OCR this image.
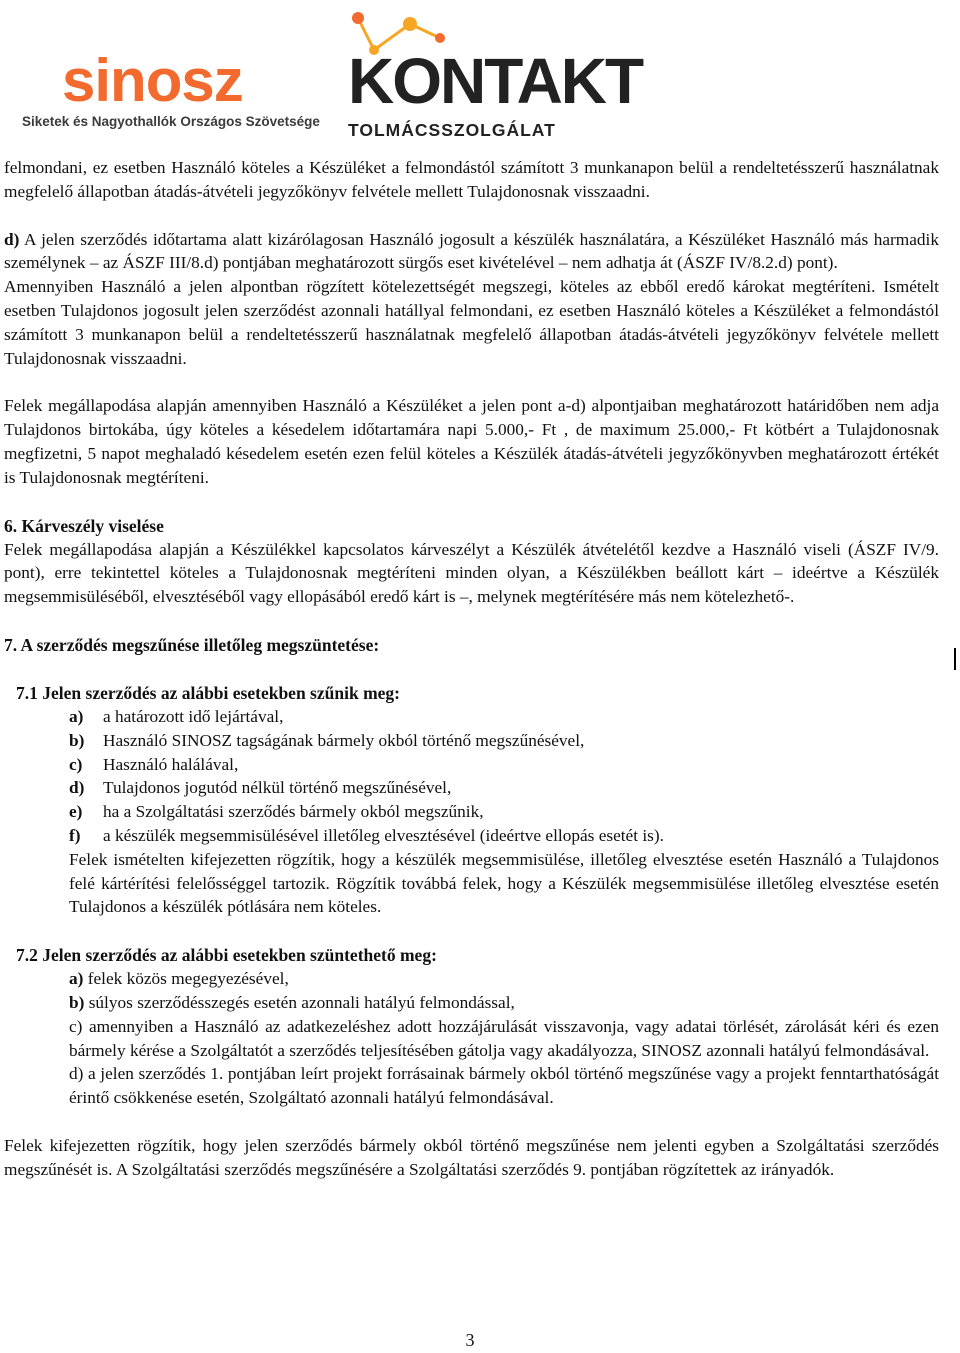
sinosz
Siketek és Nagyothallók Országos Szövetsége
KONTAKT
TOLMÁCSSZOLGÁLAT

felmondani, ez esetben Használó köteles a Készüléket a felmondástól számított 3 munkanapon belül a rendeltetésszerű használatnak megfelelő állapotban átadás-átvételi jegyzőkönyv felvétele mellett Tulajdonosnak visszaadni.

d) A jelen szerződés időtartama alatt kizárólagosan Használó jogosult a készülék használatára, a Készüléket Használó más harmadik személynek – az ÁSZF III/8.d) pontjában meghatározott sürgős eset kivételével – nem adhatja át (ÁSZF IV/8.2.d) pont).

Amennyiben Használó a jelen alpontban rögzített kötelezettségét megszegi, köteles az ebből eredő károkat megtéríteni. Ismételt esetben Tulajdonos jogosult jelen szerződést azonnali hatállyal felmondani, ez esetben Használó köteles a Készüléket a felmondástól számított 3 munkanapon belül a rendeltetésszerű használatnak megfelelő állapotban átadás-átvételi jegyzőkönyv felvétele mellett Tulajdonosnak visszaadni.

Felek megállapodása alapján amennyiben Használó a Készüléket a jelen pont a-d) alpontjaiban meghatározott határidőben nem adja Tulajdonos birtokába, úgy köteles a késedelem időtartamára napi 5.000,- Ft , de maximum 25.000,- Ft kötbért a Tulajdonosnak megfizetni, 5 napot meghaladó késedelem esetén ezen felül köteles a Készülék átadás-átvételi jegyzőkönyvben meghatározott értékét is Tulajdonosnak megtéríteni.

6. Kárveszély viselése

Felek megállapodása alapján a Készülékkel kapcsolatos kárveszélyt a Készülék átvételétől kezdve a Használó viseli (ÁSZF IV/9. pont), erre tekintettel köteles a Tulajdonosnak megtéríteni minden olyan, a Készülékben beállott kárt – ideértve a Készülék megsemmisüléséből, elvesztéséből vagy ellopásából eredő kárt is –, melynek megtérítésére más nem kötelezhető-.

7. A szerződés megszűnése illetőleg megszüntetése:
7.1 Jelen szerződés az alábbi esetekben szűnik meg:
a) a határozott idő lejártával,
b) Használó SINOSZ tagságának bármely okból történő megszűnésével,
c) Használó halálával,
d) Tulajdonos jogutód nélkül történő megszűnésével,
e) ha a Szolgáltatási szerződés bármely okból megszűnik,
f) a készülék megsemmisülésével illetőleg elvesztésével (ideértve ellopás esetét is).

Felek ismételten kifejezetten rögzítik, hogy a készülék megsemmisülése, illetőleg elvesztése esetén Használó a Tulajdonos felé kártérítési felelősséggel tartozik. Rögzítik továbbá felek, hogy a Készülék megsemmisülése illetőleg elvesztése esetén Tulajdonos a készülék pótlására nem köteles.

7.2 Jelen szerződés az alábbi esetekben szüntethető meg:

a) felek közös megegyezésével,

b) súlyos szerződésszegés esetén azonnali hatályú felmondással,

c) amennyiben a Használó az adatkezeléshez adott hozzájárulását visszavonja, vagy adatai törlését, zárolását kéri és ezen bármely kérése a Szolgáltatót a szerződés teljesítésében gátolja vagy akadályozza, SINOSZ azonnali hatályú felmondásával.

d) a jelen szerződés 1. pontjában leírt projekt forrásainak bármely okból történő megszűnése vagy a projekt fenntarthatóságát érintő csökkenése esetén, Szolgáltató azonnali hatályú felmondásával.

Felek kifejezetten rögzítik, hogy jelen szerződés bármely okból történő megszűnése nem jelenti egyben a Szolgáltatási szerződés megszűnését is. A Szolgáltatási szerződés megszűnésére a Szolgáltatási szerződés 9. pontjában rögzítettek az irányadók.

3
